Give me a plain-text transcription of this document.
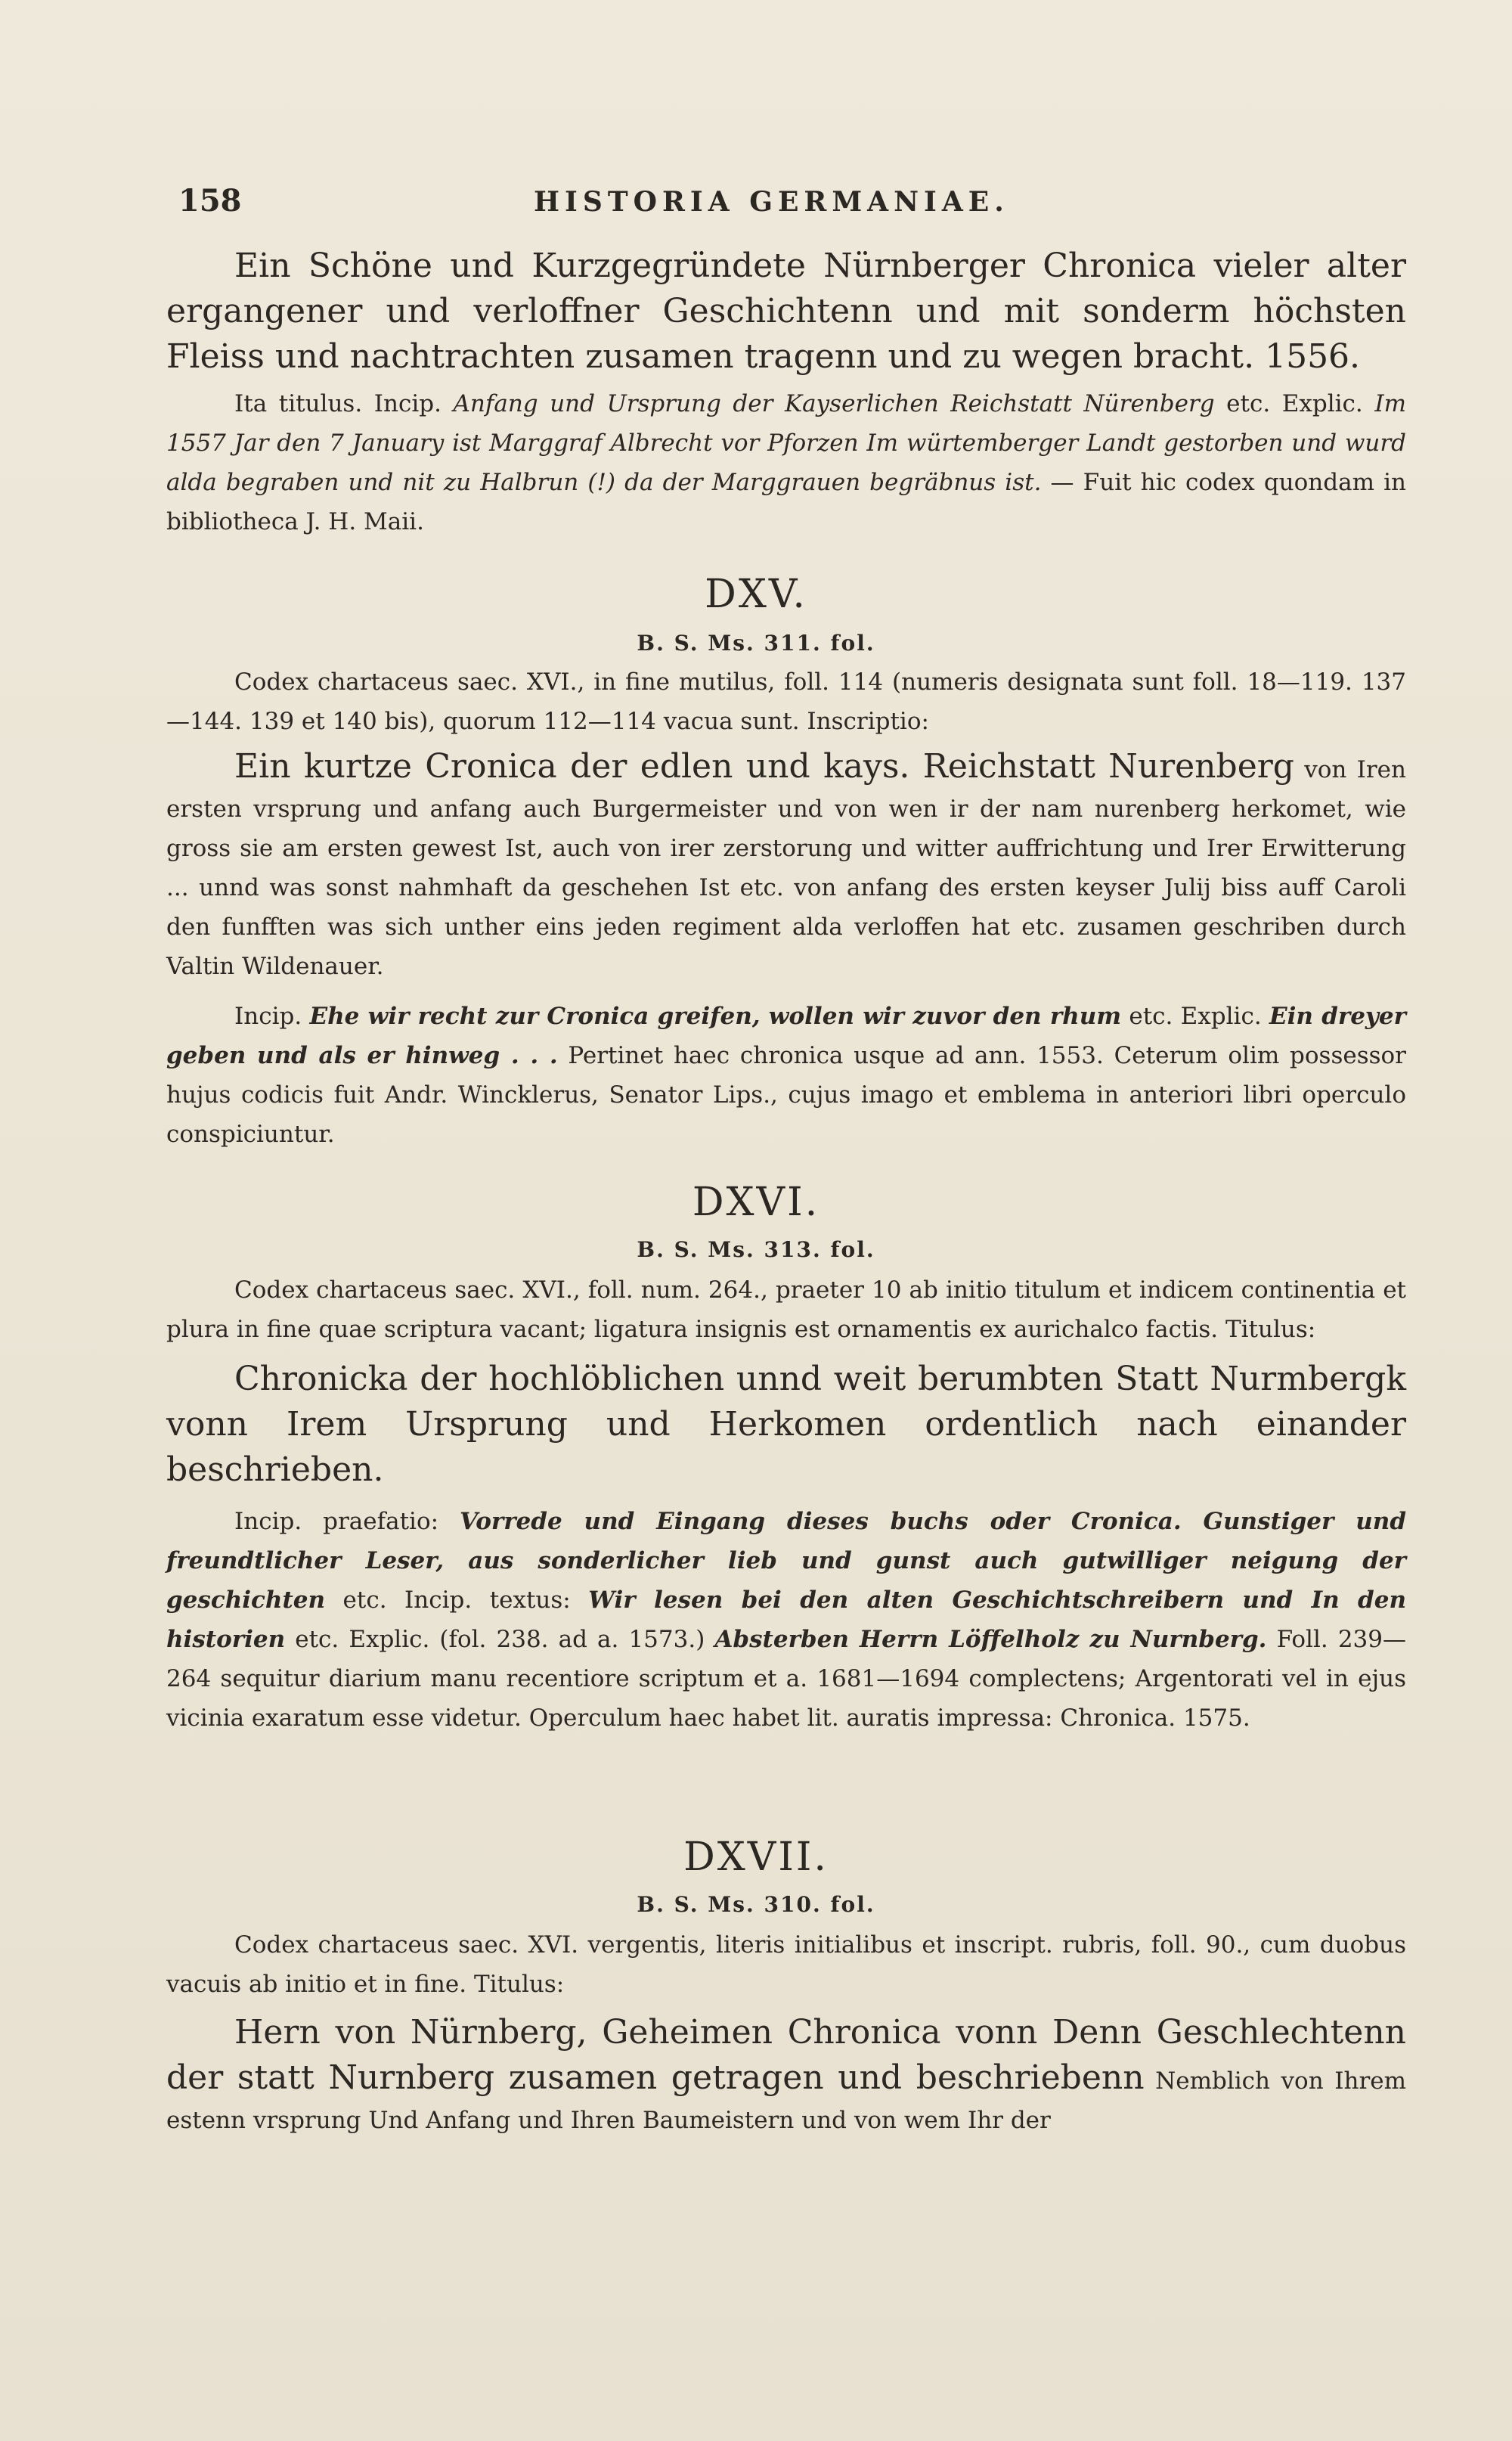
158	HISTORIA GERMANIAE.

Ein Schöne und Kurzgegründete Nürnberger Chronica vieler alter ergangener und verloffner Geschichtenn und mit sonderm höchsten Fleiss und nachtrachten zusamen tragenn und zu wegen bracht. 1556.

Ita titulus. Incip. Anfang und Ursprung der Kayserlichen Reichstatt Nürenberg etc. Explic. Im 1557 Jar den 7 January ist Marggraf Albrecht vor Pforzen Im würtemberger Landt gestorben und wurd alda begraben und nit zu Halbrun (!) da der Marggrauen begräbnus ist. — Fuit hic codex quondam in bibliotheca J. H. Maii.

DXV.
B. S. Ms. 311. fol.

Codex chartaceus saec. XVI., in fine mutilus, foll. 114 (numeris designata sunt foll. 18—119. 137—144. 139 et 140 bis), quorum 112—114 vacua sunt. Inscriptio:

Ein kurtze Cronica der edlen und kays. Reichstatt Nurenberg von Iren ersten vrsprung und anfang auch Burgermeister und von wen ir der nam nurenberg herkomet, wie gross sie am ersten gewest Ist, auch von irer zerstorung und witter auffrichtung und Irer Erwitterung ... unnd was sonst nahmhaft da geschehen Ist etc. von anfang des ersten keyser Julij biss auff Caroli den funfften was sich unther eins jeden regiment alda verloffen hat etc. zusamen geschriben durch Valtin Wildenauer.

Incip. Ehe wir recht zur Cronica greifen, wollen wir zuvor den rhum etc. Explic. Ein dreyer geben und als er hinweg . . . Pertinet haec chronica usque ad ann. 1553. Ceterum olim possessor hujus codicis fuit Andr. Wincklerus, Senator Lips., cujus imago et emblema in anteriori libri operculo conspiciuntur.

DXVI.
B. S. Ms. 313. fol.

Codex chartaceus saec. XVI., foll. num. 264., praeter 10 ab initio titulum et indicem continentia et plura in fine quae scriptura vacant; ligatura insignis est ornamentis ex aurichalco factis. Titulus:

Chronicka der hochlöblichen unnd weit berumbten Statt Nurmbergk vonn Irem Ursprung und Herkomen ordentlich nach einander beschrieben.

Incip. praefatio: Vorrede und Eingang dieses buchs oder Cronica. Gunstiger und freundtlicher Leser, aus sonderlicher lieb und gunst auch gutwilliger neigung der geschichten etc. Incip. textus: Wir lesen bei den alten Geschichtschreibern und In den historien etc. Explic. (fol. 238. ad a. 1573.) Absterben Herrn Löffelholz zu Nurnberg. Foll. 239—264 sequitur diarium manu recentiore scriptum et a. 1681—1694 complectens; Argentorati vel in ejus vicinia exaratum esse videtur. Operculum haec habet lit. auratis impressa: Chronica. 1575.

DXVII.
B. S. Ms. 310. fol.

Codex chartaceus saec. XVI. vergentis, literis initialibus et inscript. rubris, foll. 90., cum duobus vacuis ab initio et in fine. Titulus:

Hern von Nürnberg, Geheimen Chronica vonn Denn Geschlechtenn der statt Nurnberg zusamen getragen und beschriebenn Nemblich von Ihrem estenn vrsprung Und Anfang und Ihren Baumeistern und von wem Ihr der
